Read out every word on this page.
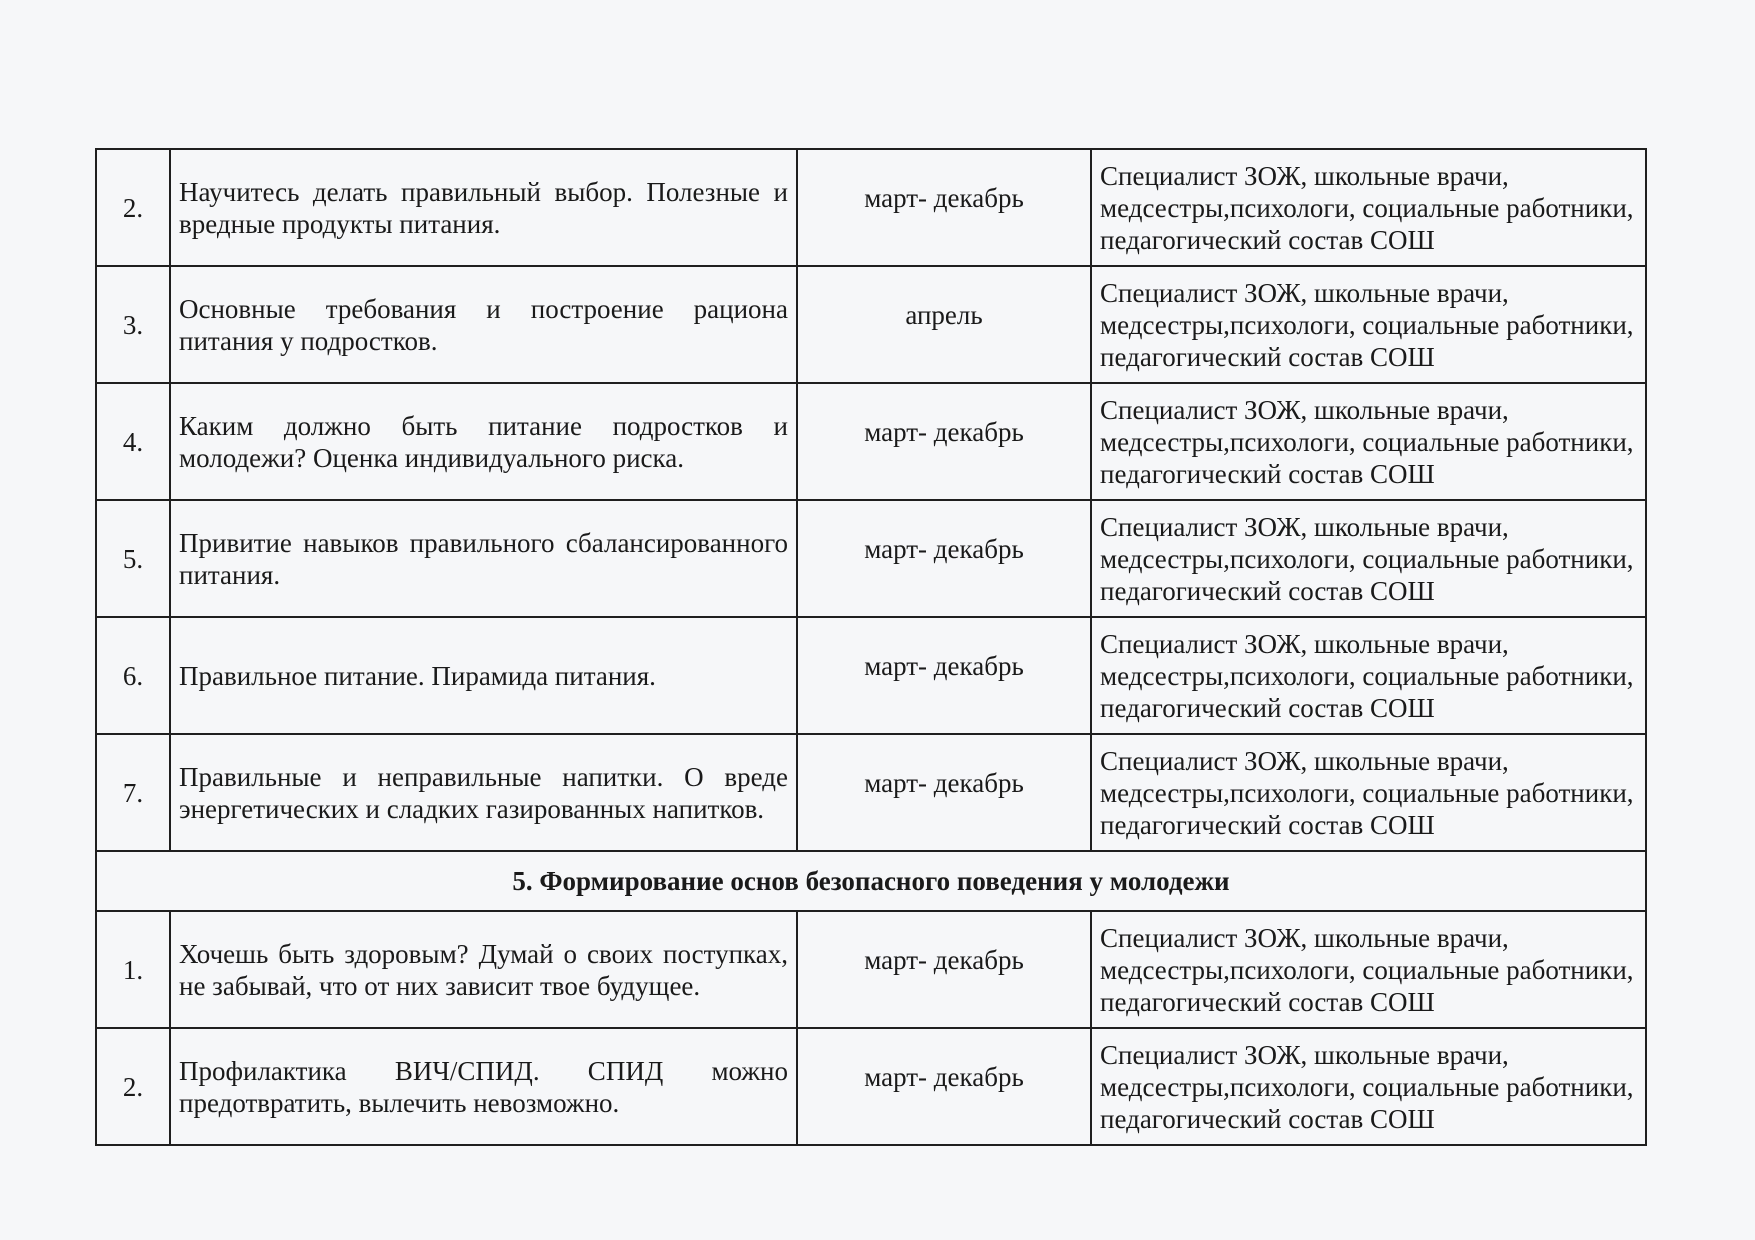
2.	Научитесь делать правильный выбор. Полезные и вредные продукты питания.	март- декабрь	Специалист ЗОЖ, школьные врачи, медсестры,психологи, социальные работники, педагогический состав СОШ
3.	Основные требования и построение рациона питания у подростков.	апрель	Специалист ЗОЖ, школьные врачи, медсестры,психологи, социальные работники, педагогический состав СОШ
4.	Каким должно быть питание подростков и молодежи? Оценка индивидуального риска.	март- декабрь	Специалист ЗОЖ, школьные врачи, медсестры,психологи, социальные работники, педагогический состав СОШ
5.	Привитие навыков правильного сбалансированного питания.	март- декабрь	Специалист ЗОЖ, школьные врачи, медсестры,психологи, социальные работники, педагогический состав СОШ
6.	Правильное питание. Пирамида питания.	март- декабрь	Специалист ЗОЖ, школьные врачи, медсестры,психологи, социальные работники, педагогический состав СОШ
7.	Правильные и неправильные напитки. О вреде энергетических и сладких газированных напитков.	март- декабрь	Специалист ЗОЖ, школьные врачи, медсестры,психологи, социальные работники, педагогический состав СОШ
5. Формирование основ безопасного поведения у молодежи			
1.	Хочешь быть здоровым? Думай о своих поступках, не забывай, что от них зависит твое будущее.	март- декабрь	Специалист ЗОЖ, школьные врачи, медсестры,психологи, социальные работники, педагогический состав СОШ
2.	Профилактика ВИЧ/СПИД. СПИД можно предотвратить, вылечить невозможно.	март- декабрь	Специалист ЗОЖ, школьные врачи, медсестры,психологи, социальные работники, педагогический состав СОШ
